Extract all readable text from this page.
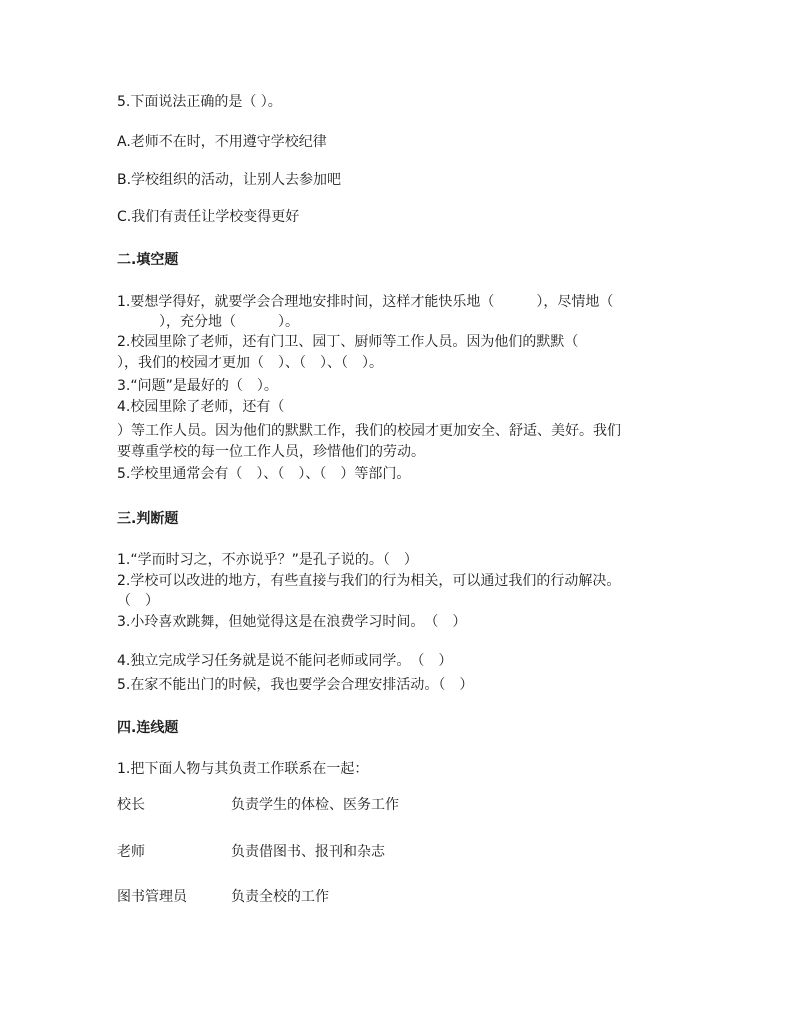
5.下面说法正确的是（ ）。
A.老师不在时，不用遵守学校纪律
B.学校组织的活动，让别人去参加吧
C.我们有责任让学校变得更好
二.填空题
1.要想学得好，就要学会合理地安排时间，这样才能快乐地（　　　），尽情地（
　　　），充分地（　　　）。
2.校园里除了老师，还有门卫、园丁、厨师等工作人员。因为他们的默默（
），我们的校园才更加（　）、（　）、（　）。
3.“问题”是最好的（　）。
4.校园里除了老师，还有（
）等工作人员。因为他们的默默工作，我们的校园才更加安全、舒适、美好。我们
要尊重学校的每一位工作人员，珍惜他们的劳动。
5.学校里通常会有（　）、（　）、（　）等部门。
三.判断题
1.“学而时习之，不亦说乎？”是孔子说的。（　）
2.学校可以改进的地方，有些直接与我们的行为相关，可以通过我们的行动解决。
（　）
3.小玲喜欢跳舞，但她觉得这是在浪费学习时间。　（　）
4.独立完成学习任务就是说不能问老师或同学。　（　）
5.在家不能出门的时候，我也要学会合理安排活动。（　）
四.连线题
1.把下面人物与其负责工作联系在一起：
校长	负责学生的体检、医务工作
老师	负责借图书、报刊和杂志
图书管理员	负责全校的工作
